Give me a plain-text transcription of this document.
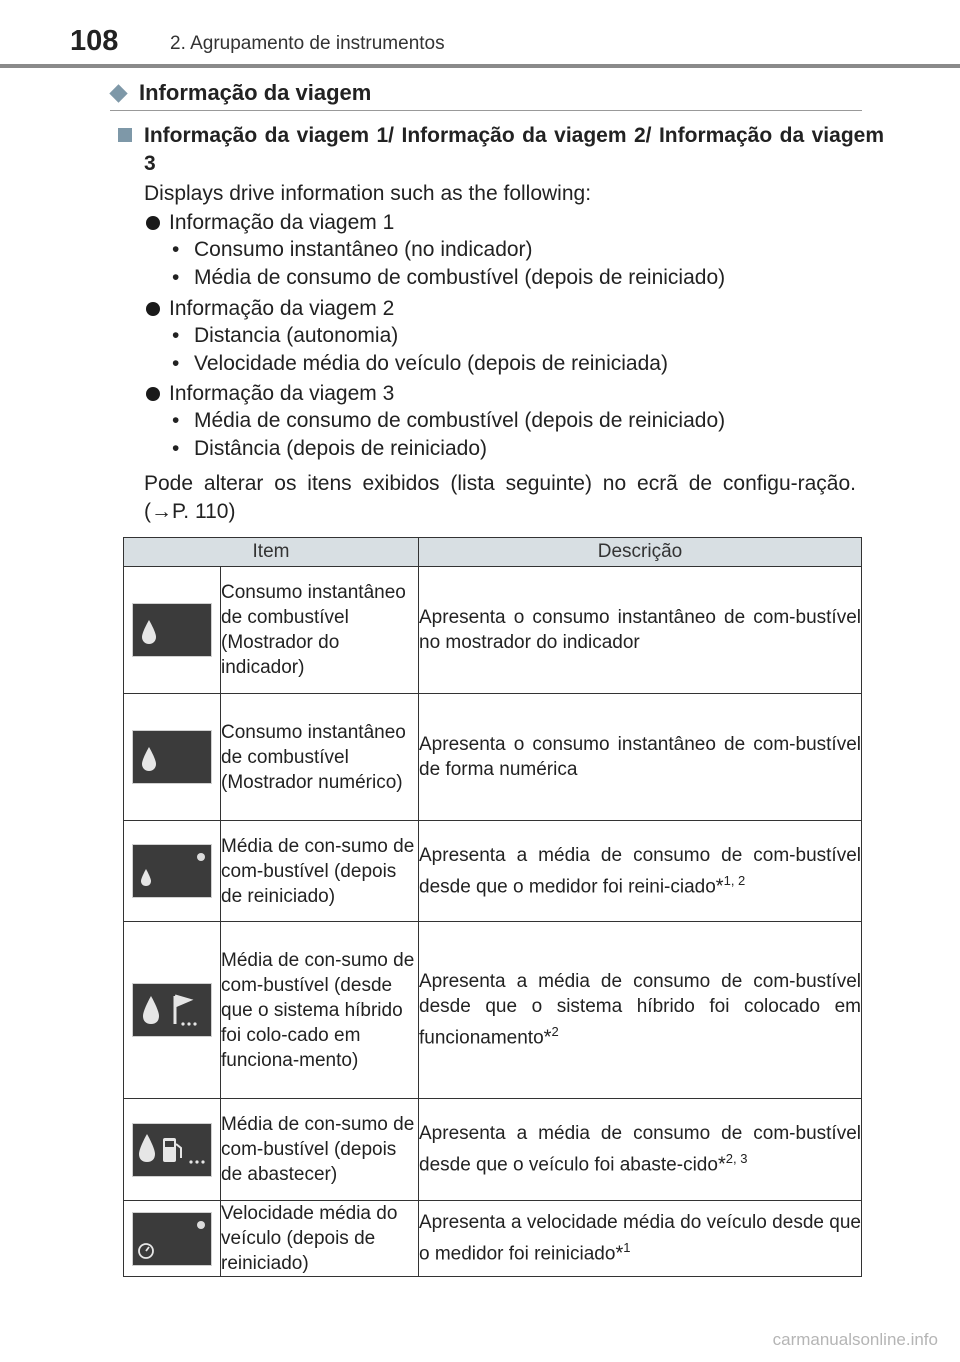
108	2. Agrupamento de instrumentos
Informação da viagem
Informação da viagem 1/ Informação da viagem 2/ Informação da viagem 3
Displays drive information such as the following:
Informação da viagem 1
• Consumo instantâneo (no indicador)
• Média de consumo de combustível (depois de reiniciado)
Informação da viagem 2
• Distancia (autonomia)
• Velocidade média do veículo (depois de reiniciada)
Informação da viagem 3
• Média de consumo de combustível (depois de reiniciado)
• Distância (depois de reiniciado)
Pode alterar os itens exibidos (lista seguinte) no ecrã de configu-ração. (→P. 110)
Item		Descrição

	Consumo instantâneo de combustível (Mostrador do indicador)	Apresenta o consumo instantâneo de com-bustível no mostrador do indicador

	Consumo instantâneo de combustível (Mostrador numérico)	Apresenta o consumo instantâneo de com-bustível de forma numérica

	Média de con-sumo de com-bustível (depois de reiniciado)	Apresenta a média de consumo de com-bustível desde que o medidor foi reini-ciado*$^{1, 2}$

	Média de con-sumo de com-bustível (desde que o sistema híbrido foi colo-cado em funciona-mento)	Apresenta a média de consumo de com-bustível desde que o sistema híbrido foi colocado em funcionamento*$^2$

	Média de con-sumo de com-bustível (depois de abastecer)	Apresenta a média de consumo de com-bustível desde que o veículo foi abaste-cido*$^{2, 3}$

	Velocidade média do veículo (depois de reiniciado)	Apresenta a velocidade média do veículo desde que o medidor foi reiniciado*$^1$
carmanualsonline.info
